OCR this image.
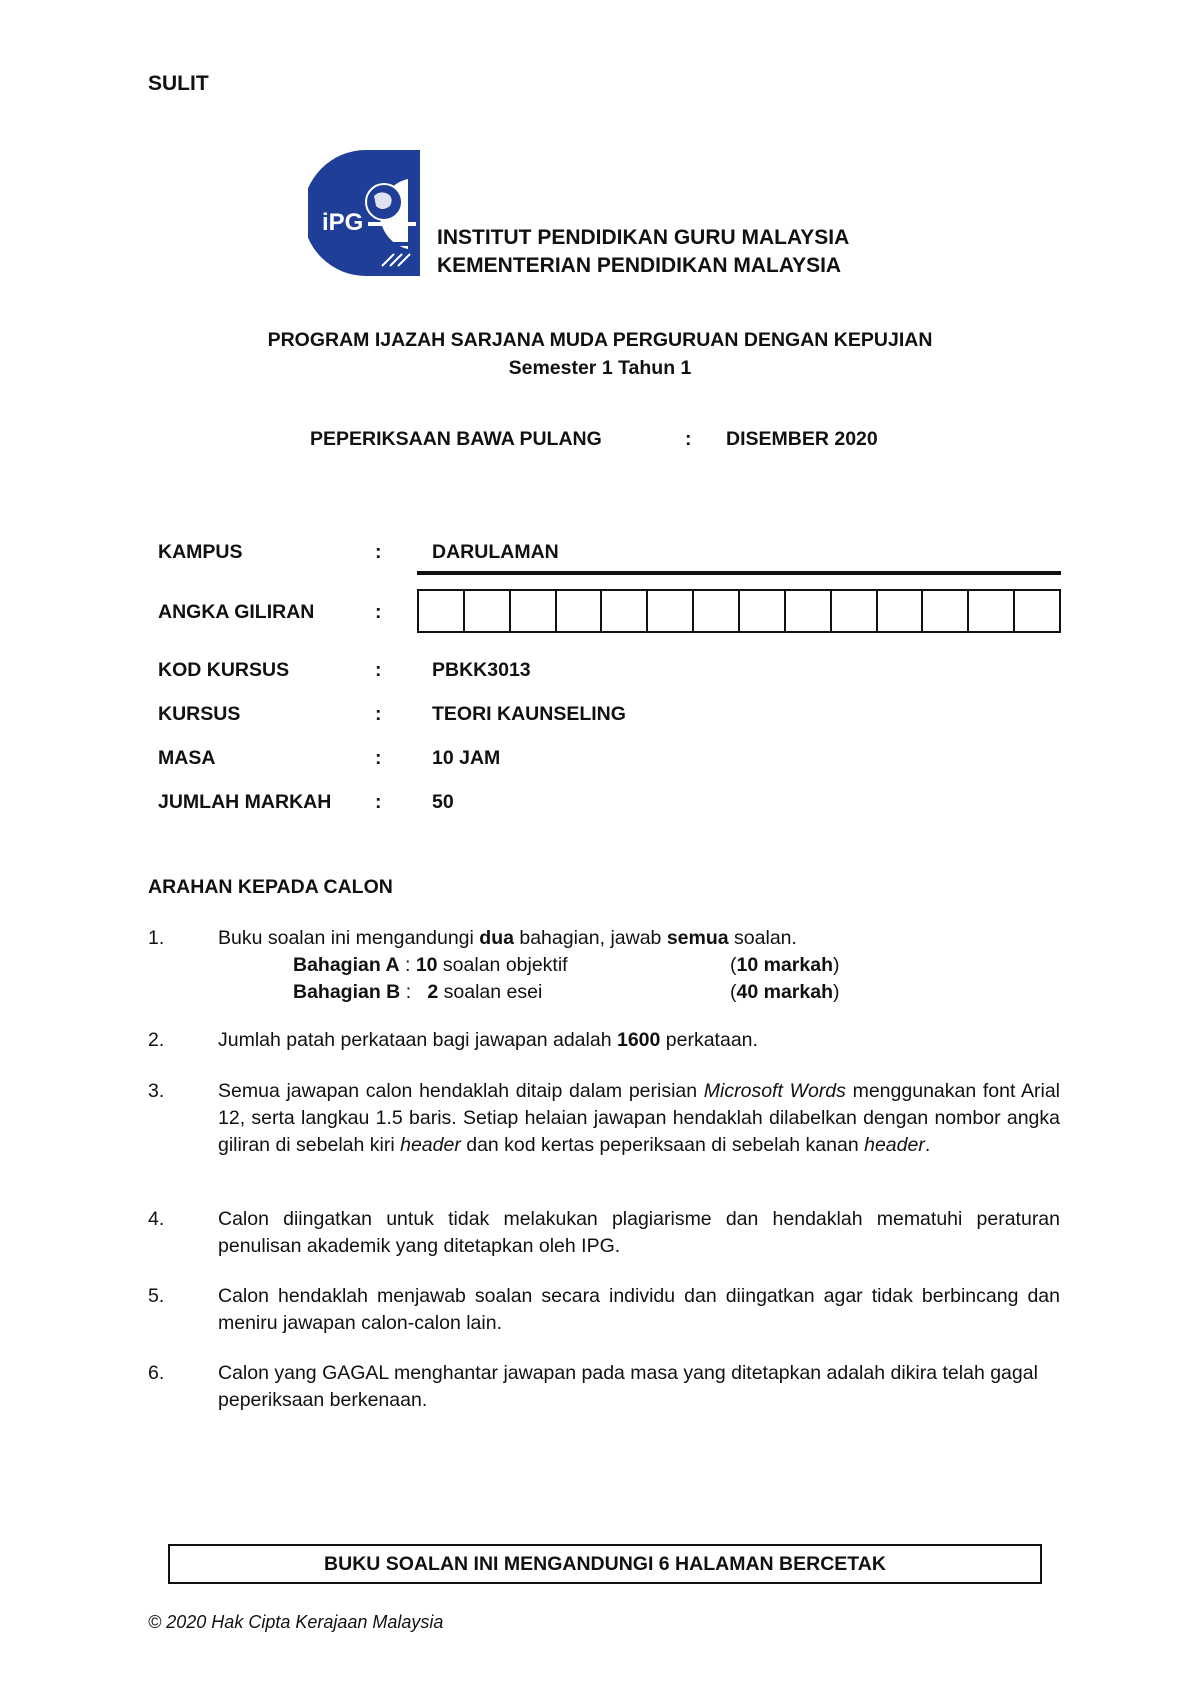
SULIT
iPG
INSTITUT PENDIDIKAN GURU MALAYSIA
KEMENTERIAN PENDIDIKAN MALAYSIA
PROGRAM IJAZAH SARJANA MUDA PERGURUAN DENGAN KEPUJIAN
Semester 1 Tahun 1
PEPERIKSAAN BAWA PULANG	: DISEMBER 2020
KAMPUS	:	DARULAMAN
ANGKA GILIRAN	:
KOD KURSUS	:	PBKK3013
KURSUS	:	TEORI KAUNSELING
MASA	:	10 JAM
JUMLAH MARKAH :	50
ARAHAN KEPADA CALON
1.	Buku soalan ini mengandungi dua bahagian, jawab semua soalan.
Bahagian A : 10 soalan objektif	(10 markah)
Bahagian B :   2 soalan esei	(40 markah)
2.	Jumlah patah perkataan bagi jawapan adalah 1600 perkataan.
3.	Semua jawapan calon hendaklah ditaip dalam perisian Microsoft Words menggunakan font Arial 12, serta langkau 1.5 baris. Setiap helaian jawapan hendaklah dilabelkan dengan nombor angka giliran di sebelah kiri header dan kod kertas peperiksaan di sebelah kanan header.
4.	Calon diingatkan untuk tidak melakukan plagiarisme dan hendaklah mematuhi peraturan penulisan akademik yang ditetapkan oleh IPG.
5.	Calon hendaklah menjawab soalan secara individu dan diingatkan agar tidak berbincang dan meniru jawapan calon-calon lain.
6.	Calon yang GAGAL menghantar jawapan pada masa yang ditetapkan adalah dikira telah gagal peperiksaan berkenaan.
BUKU SOALAN INI MENGANDUNGI 6 HALAMAN BERCETAK
© 2020 Hak Cipta Kerajaan Malaysia
